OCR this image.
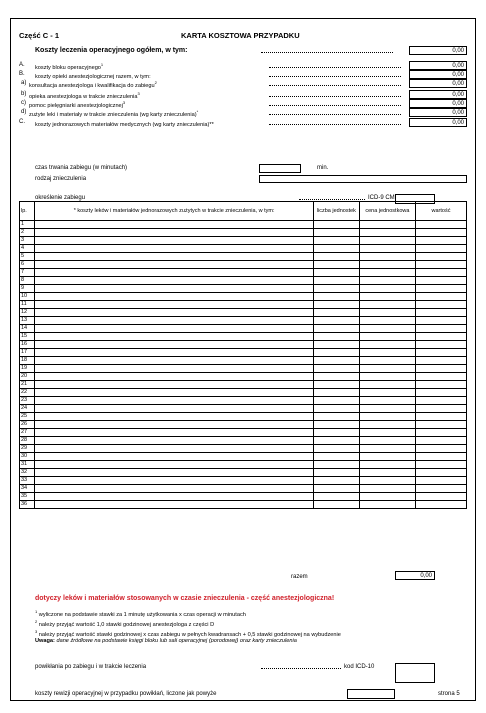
Część C - 1	KARTA KOSZTOWA PRZYPADKU
Koszty leczenia operacyjnego ogółem, w tym:	0,00
A.	koszty bloku operacyjnego$^1$	0,00
B.	koszty opieki anestezjologicznej razem, w tym:	0,00
a) konsultacja anestezjologa i kwalifikacja do zabiegu$^2$	0,00
b) opieka anestezjologa w trakcie znieczulenia$^3$	0,00
c) pomoc pielęgniarki anestezjologicznej$^3$	0,00
d) zużyte leki i materiały w trakcie znieczulenia (wg karty znieczulenia)*	0,00
C.	koszty jednorazowych materiałów medycznych (wg karty znieczulenia)**	0,00
czas trwania zabiegu (w minutach)	min.
rodzaj znieczulenia
określenie zabiegu	ICD-9 CM
lp.	* koszty leków i materiałów jednorazowych zużytych w trakcie znieczulenia, w tym:	liczba jednostek	cena jednostkowa	wartość
1				
2				
3				
4				
5				
6				
7				
8				
9				
10				
11				
12				
13				
14				
15				
16				
17				
18				
19				
20				
21				
22				
23				
24				
25				
26				
27				
28				
29				
30				
31				
32				
33				
34				
35				
36				
razem	0,00
dotyczy leków i materiałów stosowanych w czasie znieczulenia - część anestezjologiczna!
$^1$ wyliczone na podstawie stawki za 1 minutę użytkowania x czas operacji w minutach
$^2$ należy przyjąć wartość 1,0 stawki godzinowej anestezjologa z części D
$^3$ należy przyjąć wartość stawki godzinowej x czas zabiegu w pełnych kwadransach + 0,5 stawki godzinowej na wybudzenie
Uwaga: dane źródłowe na podstawie księgi bloku lub sali operacyjnej (porodowej) oraz karty znieczulenia
powikłania po zabiegu i w trakcie leczenia	kod ICD-10
koszty rewizji operacyjnej w przypadku powikłań, liczone jak powyże	strona 5
